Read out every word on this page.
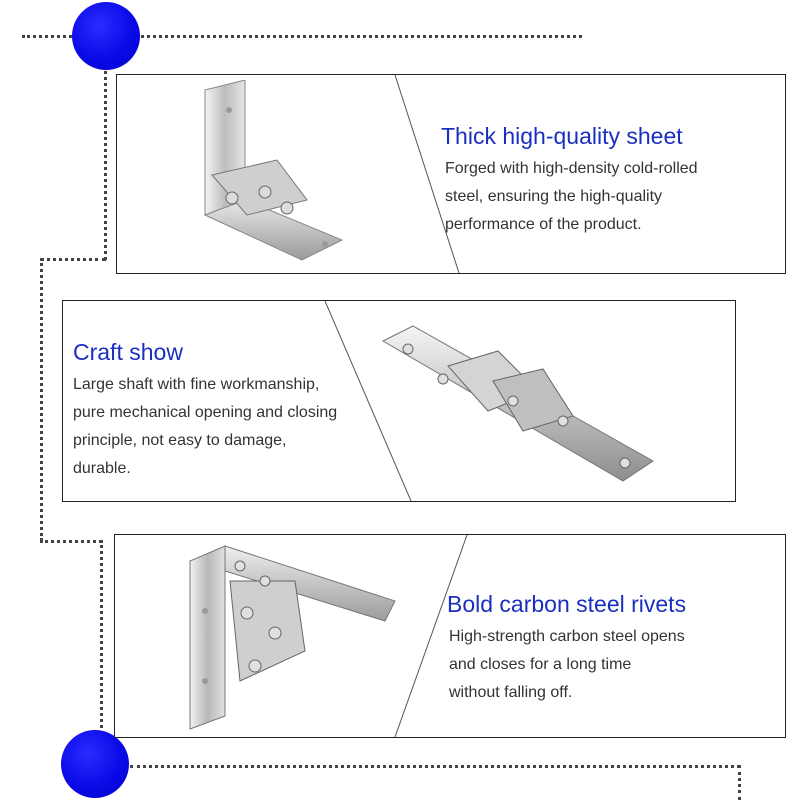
Thick high-quality sheet
Forged with high-density cold-rolled
steel, ensuring the high-quality
performance of the product.
Craft show
Large shaft with fine workmanship,
pure mechanical opening and closing
principle, not easy to damage,
durable.
Bold carbon steel rivets
High-strength carbon steel opens
and closes for a long time
without falling off.
